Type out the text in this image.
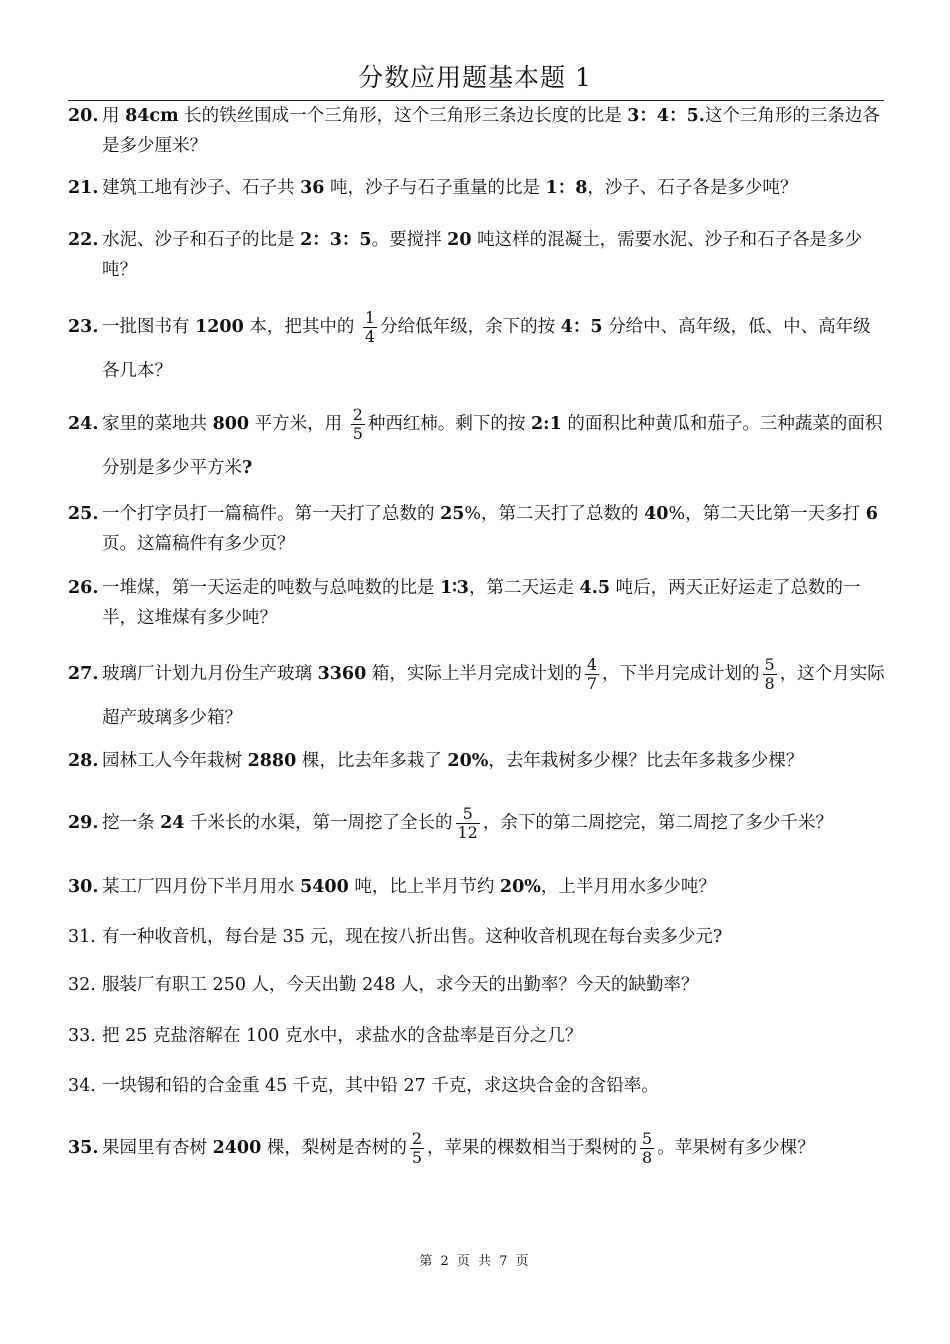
分数应用题基本题 1
20. 用 84cm 长的铁丝围成一个三角形，这个三角形三条边长度的比是 3：4：5.这个三角形的三条边各是多少厘米？
21. 建筑工地有沙子、石子共 36 吨，沙子与石子重量的比是 1：8，沙子、石子各是多少吨？
22. 水泥、沙子和石子的比是 2：3：5。要搅拌 20 吨这样的混凝土，需要水泥、沙子和石子各是多少吨？
23. 一批图书有 1200 本，把其中的 $\frac{1}{4}$ 分给低年级，余下的按 4：5 分给中、高年级，低、中、高年级各几本？
24. 家里的菜地共 800 平方米，用 $\frac{2}{5}$ 种西红柿。剩下的按 2:1 的面积比种黄瓜和茄子。三种蔬菜的面积分别是多少平方米?
25. 一个打字员打一篇稿件。第一天打了总数的 25%，第二天打了总数的 40%，第二天比第一天多打 6 页。这篇稿件有多少页？
26. 一堆煤，第一天运走的吨数与总吨数的比是 1∶3，第二天运走 4.5 吨后，两天正好运走了总数的一半，这堆煤有多少吨？
27. 玻璃厂计划九月份生产玻璃 3360 箱，实际上半月完成计划的 $\frac{4}{7}$ ，下半月完成计划的 $\frac{5}{8}$ ，这个月实际超产玻璃多少箱？
28. 园林工人今年栽树 2880 棵，比去年多栽了 20%，去年栽树多少棵？比去年多栽多少棵？
29. 挖一条 24 千米长的水渠，第一周挖了全长的 $\frac{5}{12}$ ，余下的第二周挖完，第二周挖了多少千米？
30. 某工厂四月份下半月用水 5400 吨，比上半月节约 20%，上半月用水多少吨？
31. 有一种收音机，每台是 35 元，现在按八折出售。这种收音机现在每台卖多少元?
32. 服装厂有职工 250 人，今天出勤 248 人，求今天的出勤率？今天的缺勤率？
33. 把 25 克盐溶解在 100 克水中，求盐水的含盐率是百分之几？
34. 一块锡和铅的合金重 45 千克，其中铅 27 千克，求这块合金的含铅率。
35. 果园里有杏树 2400 棵，梨树是杏树的 $\frac{2}{5}$ ，苹果的棵数相当于梨树的 $\frac{5}{8}$ 。苹果树有多少棵？
第 2 页 共 7 页
